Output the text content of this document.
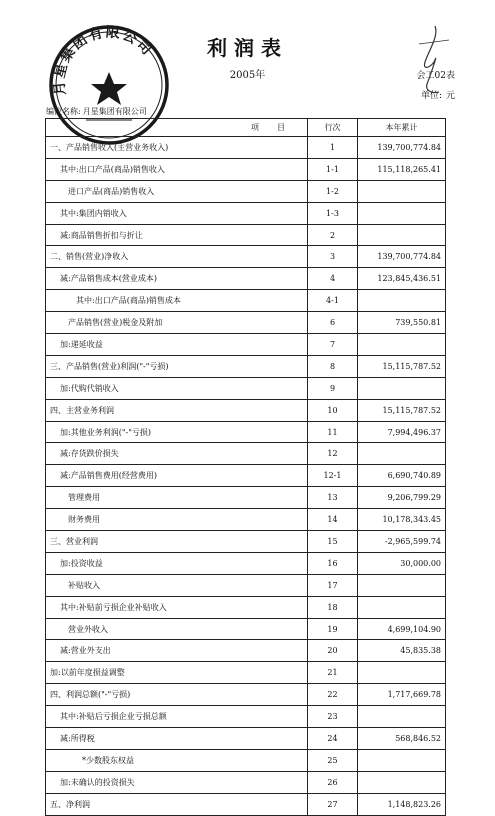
利润表
2005年	会工02表
单位: 元
编位名称: 月星集团有限公司
月星集团有限公司
项目	行次	本年累计
一、产品销售收入(主营业务收入)	1	139,700,774.84
其中:出口产品(商品)销售收入	1-1	115,118,265.41
进口产品(商品)销售收入	1-2	
其中:集团内销收入	1-3	
减:商品销售折扣与折让	2	
二、销售(营业)净收入	3	139,700,774.84
减:产品销售成本(营业成本)	4	123,845,436.51
其中:出口产品(商品)销售成本	4-1	
产品销售(营业)税金及附加	6	739,550.81
加:递延收益	7	
三、产品销售(营业)利润("-"亏损)	8	15,115,787.52
加:代购代销收入	9	
四、主营业务利润	10	15,115,787.52
加:其他业务利润("-"亏损)	11	7,994,496.37
减:存货跌价损失	12	
减:产品销售费用(经营费用)	12-1	6,690,740.89
管理费用	13	9,206,799.29
财务费用	14	10,178,343.45
三、营业利润	15	-2,965,599.74
加:投资收益	16	30,000.00
补贴收入	17	
其中:补贴前亏损企业补贴收入	18	
营业外收入	19	4,699,104.90
减:营业外支出	20	45,835.38
加:以前年度损益调整	21	
四、利润总额("-"亏损)	22	1,717,669.78
其中:补贴后亏损企业亏损总额	23	
减:所得税	24	568,846.52
*少数股东权益	25	
加:未确认的投资损失	26	
五、净利润	27	1,148,823.26
